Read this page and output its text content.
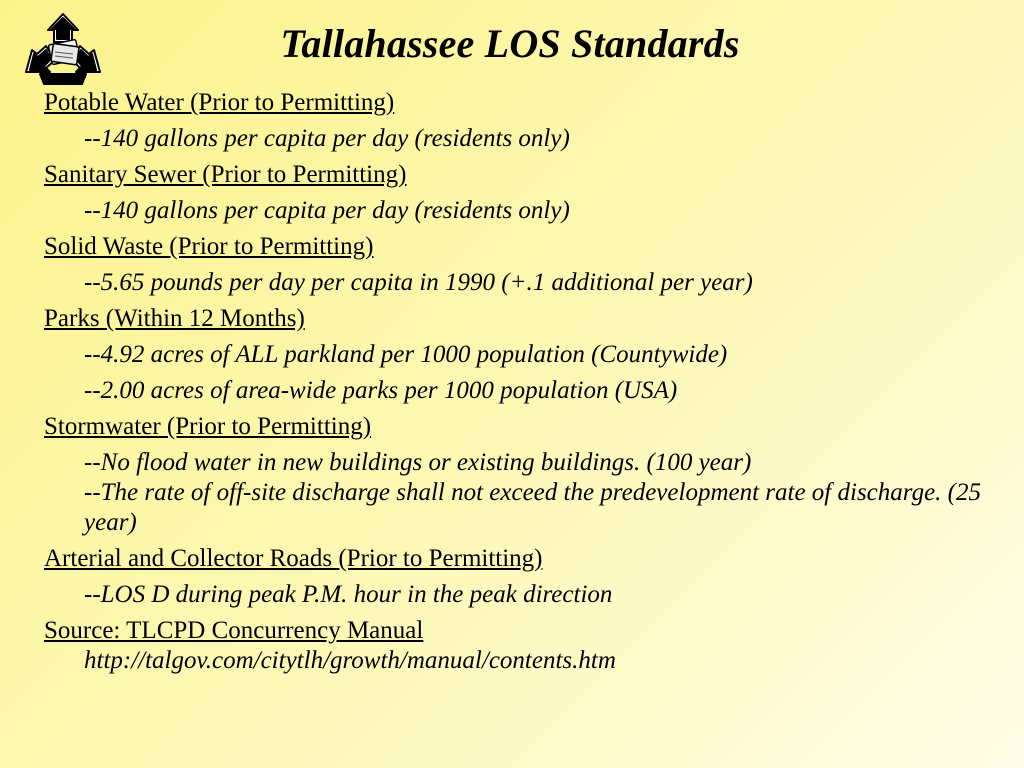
Tallahassee LOS Standards
Potable Water (Prior to Permitting)
--140 gallons per capita per day (residents only)
Sanitary Sewer (Prior to Permitting)
--140 gallons per capita per day (residents only)
Solid Waste (Prior to Permitting)
--5.65 pounds per day per capita in 1990 (+.1 additional per year)
Parks (Within 12 Months)
--4.92 acres of ALL parkland per 1000 population (Countywide)
--2.00 acres of area-wide parks per 1000 population (USA)
Stormwater (Prior to Permitting)
--No flood water in new buildings or existing buildings. (100 year)
--The rate of off-site discharge shall not exceed the predevelopment rate of discharge. (25 year)
Arterial and Collector Roads (Prior to Permitting)
--LOS D during peak P.M. hour in the peak direction
Source: TLCPD Concurrency Manual
http://talgov.com/citytlh/growth/manual/contents.htm
